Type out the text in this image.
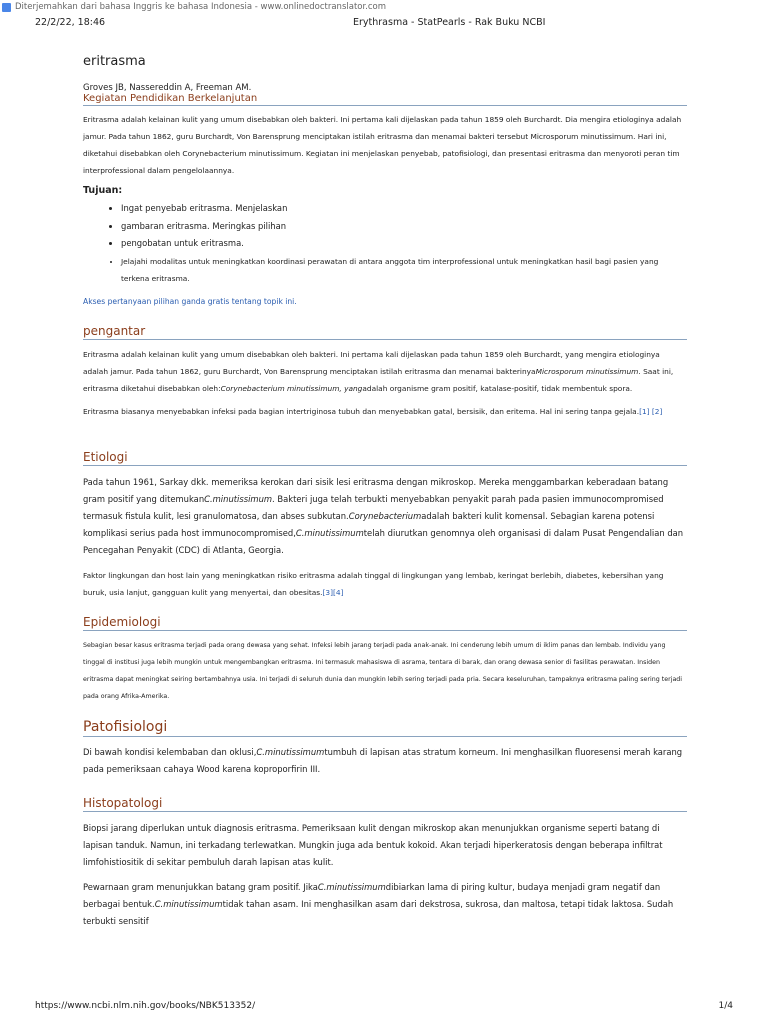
Diterjemahkan dari bahasa Inggris ke bahasa Indonesia - www.onlinedoctranslator.com
22/2/22, 18:46	Erythrasma - StatPearls - Rak Buku NCBI
eritrasma
Groves JB, Nassereddin A, Freeman AM.
Kegiatan Pendidikan Berkelanjutan

Eritrasma adalah kelainan kulit yang umum disebabkan oleh bakteri. Ini pertama kali dijelaskan pada tahun 1859 oleh Burchardt. Dia mengira etiologinya adalah jamur. Pada tahun 1862, guru Burchardt, Von Barensprung menciptakan istilah eritrasma dan menamai bakteri tersebut Microsporum minutissimum. Hari ini, diketahui disebabkan oleh Corynebacterium minutissimum. Kegiatan ini menjelaskan penyebab, patofisiologi, dan presentasi eritrasma dan menyoroti peran tim interprofessional dalam pengelolaannya.

Tujuan:
• Ingat penyebab eritrasma. Menjelaskan
• gambaran eritrasma. Meringkas pilihan
• pengobatan untuk eritrasma.
• Jelajahi modalitas untuk meningkatkan koordinasi perawatan di antara anggota tim interprofessional untuk meningkatkan hasil bagi pasien yang terkena eritrasma.

Akses pertanyaan pilihan ganda gratis tentang topik ini.

pengantar

Eritrasma adalah kelainan kulit yang umum disebabkan oleh bakteri. Ini pertama kali dijelaskan pada tahun 1859 oleh Burchardt, yang mengira etiologinya adalah jamur. Pada tahun 1862, guru Burchardt, Von Barensprung menciptakan istilah eritrasma dan menamai bakterinyaMicrosporum minutissimum. Saat ini, eritrasma diketahui disebabkan oleh:Corynebacterium minutissimum, yangadalah organisme gram positif, katalase-positif, tidak membentuk spora.

Eritrasma biasanya menyebabkan infeksi pada bagian intertriginosa tubuh dan menyebabkan gatal, bersisik, dan eritema. Hal ini sering tanpa gejala.[1] [2]

Etiologi

Pada tahun 1961, Sarkay dkk. memeriksa kerokan dari sisik lesi eritrasma dengan mikroskop. Mereka menggambarkan keberadaan batang gram positif yang ditemukanC.minutissimum. Bakteri juga telah terbukti menyebabkan penyakit parah pada pasien immunocompromised termasuk fistula kulit, lesi granulomatosa, dan abses subkutan.Corynebacteriumadalah bakteri kulit komensal. Sebagian karena potensi komplikasi serius pada host immunocompromised,C.minutissimumtelah diurutkan genomnya oleh organisasi di dalam Pusat Pengendalian dan Pencegahan Penyakit (CDC) di Atlanta, Georgia.

Faktor lingkungan dan host lain yang meningkatkan risiko eritrasma adalah tinggal di lingkungan yang lembab, keringat berlebih, diabetes, kebersihan yang buruk, usia lanjut, gangguan kulit yang menyertai, dan obesitas.[3][4]

Epidemiologi

Sebagian besar kasus eritrasma terjadi pada orang dewasa yang sehat. Infeksi lebih jarang terjadi pada anak-anak. Ini cenderung lebih umum di iklim panas dan lembab. Individu yang tinggal di institusi juga lebih mungkin untuk mengembangkan eritrasma. Ini termasuk mahasiswa di asrama, tentara di barak, dan orang dewasa senior di fasilitas perawatan. Insiden eritrasma dapat meningkat seiring bertambahnya usia. Ini terjadi di seluruh dunia dan mungkin lebih sering terjadi pada pria. Secara keseluruhan, tampaknya eritrasma paling sering terjadi pada orang Afrika-Amerika.

Patofisiologi

Di bawah kondisi kelembaban dan oklusi,C.minutissimumtumbuh di lapisan atas stratum korneum. Ini menghasilkan fluoresensi merah karang pada pemeriksaan cahaya Wood karena koproporfirin III.

Histopatologi

Biopsi jarang diperlukan untuk diagnosis eritrasma. Pemeriksaan kulit dengan mikroskop akan menunjukkan organisme seperti batang di lapisan tanduk. Namun, ini terkadang terlewatkan. Mungkin juga ada bentuk kokoid. Akan terjadi hiperkeratosis dengan beberapa infiltrat limfohistiositik di sekitar pembuluh darah lapisan atas kulit.

Pewarnaan gram menunjukkan batang gram positif. JikaC.minutissimumdibiarkan lama di piring kultur, budaya menjadi gram negatif dan berbagai bentuk.C.minutissimumtidak tahan asam. Ini menghasilkan asam dari dekstrosa, sukrosa, dan maltosa, tetapi tidak laktosa. Sudah terbukti sensitif

https://www.ncbi.nlm.nih.gov/books/NBK513352/	1/4
